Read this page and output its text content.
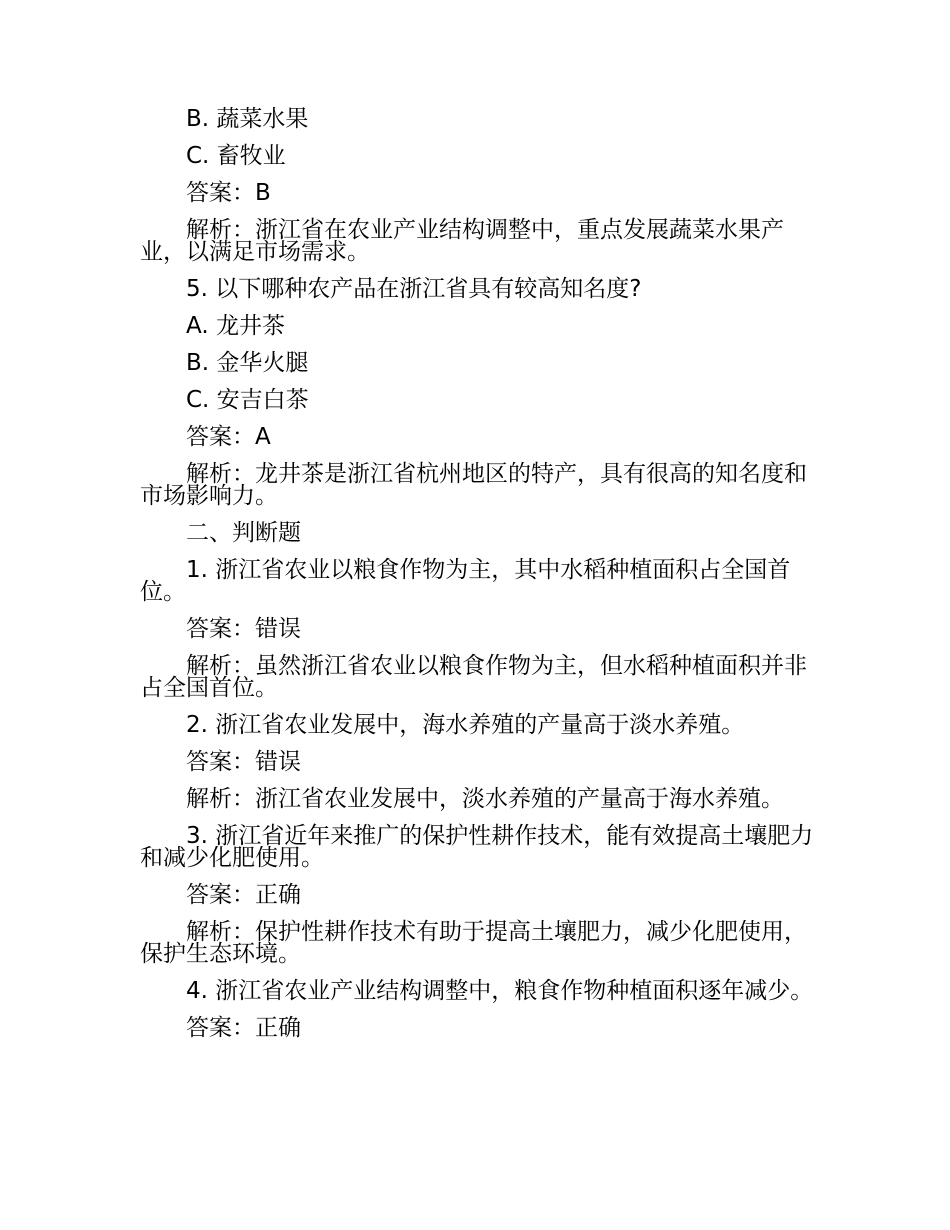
B. 蔬菜水果

C. 畜牧业

答案：B

解析：浙江省在农业产业结构调整中，重点发展蔬菜水果产业，以满足市场需求。

5. 以下哪种农产品在浙江省具有较高知名度?

A. 龙井茶

B. 金华火腿

C. 安吉白茶

答案：A

解析：龙井茶是浙江省杭州地区的特产，具有很高的知名度和市场影响力。

二、判断题

1. 浙江省农业以粮食作物为主，其中水稻种植面积占全国首位。

答案：错误

解析：虽然浙江省农业以粮食作物为主，但水稻种植面积并非占全国首位。

2. 浙江省农业发展中，海水养殖的产量高于淡水养殖。

答案：错误

解析：浙江省农业发展中，淡水养殖的产量高于海水养殖。

3. 浙江省近年来推广的保护性耕作技术，能有效提高土壤肥力和减少化肥使用。

答案：正确

解析：保护性耕作技术有助于提高土壤肥力，减少化肥使用，保护生态环境。

4. 浙江省农业产业结构调整中，粮食作物种植面积逐年减少。

答案：正确
